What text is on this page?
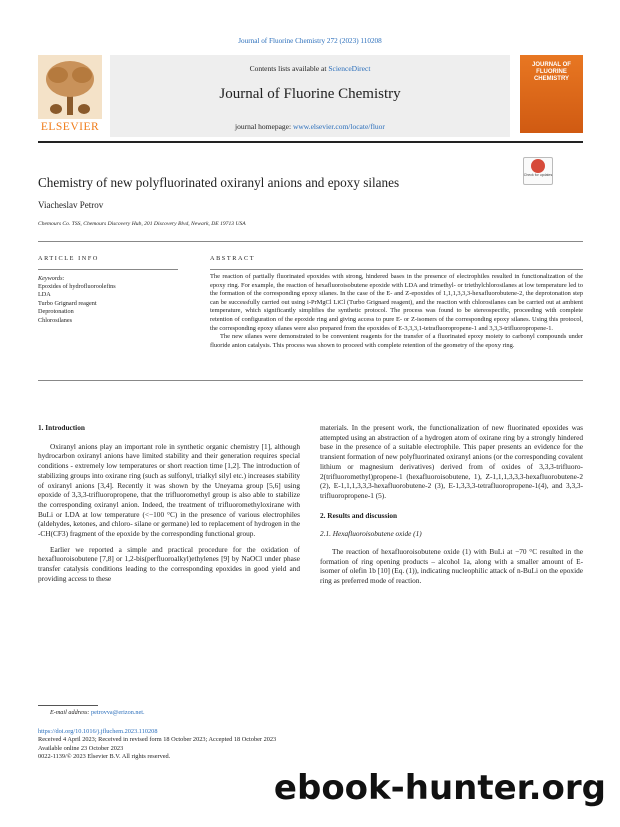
Journal of Fluorine Chemistry 272 (2023) 110208
Contents lists available at ScienceDirect
Journal of Fluorine Chemistry
journal homepage: www.elsevier.com/locate/fluor
ELSEVIER
JOURNAL OF FLUORINE CHEMISTRY
Check for updates
Chemistry of new polyfluorinated oxiranyl anions and epoxy silanes
Viacheslav Petrov
Chemours Co. TSS, Chemours Discovery Hub, 201 Discovery Blvd, Newark, DE 19713 USA
ARTICLE INFO	ABSTRACT
Keywords:
Epoxides of hydrofluoroolefins
LDA
Turbo Grignard reagent
Deprotonation
Chlorosilanes

The reaction of partially fluorinated epoxides with strong, hindered bases in the presence of electrophiles resulted in functionalization of the epoxy ring. For example, the reaction of hexafluoroisobutene epoxide with LDA and trimethyl- or triethylchlorosilanes at low temperature led to the formation of the corresponding epoxy silanes. In the case of the E- and Z-epoxides of 1,1,1,3,3,3-hexafluorobutene-2, the deprotonation step can be successfully carried out using i-PrMgCl LiCl (Turbo Grignard reagent), and the reaction with chlorosilanes can be carried out at ambient temperature, which significantly simplifies the synthetic protocol. The process was found to be stereospecific, proceeding with complete retention of configuration of the epoxide ring and giving access to pure E- or Z-isomers of the corresponding epoxy silanes. Using this protocol, the corresponding epoxy silanes were also prepared from the epoxides of E-3,3,3,1-tetrafluoropropene-1 and 3,3,3-trifluoropropene-1.

The new silanes were demonstrated to be convenient reagents for the transfer of a fluorinated epoxy moiety to carbonyl compounds under fluoride anion catalysis. This process was shown to proceed with complete retention of the geometry of the epoxy ring.

1. Introduction

Oxiranyl anions play an important role in synthetic organic chemistry [1], although hydrocarbon oxiranyl anions have limited stability and their generation requires special conditions - extremely low temperatures or short reaction time [1,2]. The introduction of stabilizing groups into oxirane ring (such as sulfonyl, trialkyl silyl etc.) increases stability of oxiranyl anions [3,4]. Recently it was shown by the Uneyama group [5,6] using epoxide of 3,3,3-trifluoropropene, that the trifluoromethyl group is also able to stabilize the corresponding oxiranyl anion. Indeed, the treatment of trifluoromethyloxirane with BuLi or LDA at low temperature (<−100 °C) in the presence of various electrophiles (aldehydes, ketones, and chloro- silane or germane) led to replacement of hydrogen in the -CH(CF3) fragment of the epoxide by the corresponding functional group.

Earlier we reported a simple and practical procedure for the oxidation of hexafluoroisobutene [7,8] or 1,2-bis(perfluoroalkyl)ethylenes [9] by NaOCl under phase transfer catalysis conditions leading to the corresponding epoxides in good yield and providing access to these

materials. In the present work, the functionalization of new fluorinated epoxides was attempted using an abstraction of a hydrogen atom of oxirane ring by a strongly hindered base in the presence of a suitable electrophile. This paper presents an evidence for the transient formation of new polyfluorinated oxiranyl anions (or the corresponding covalent lithium or magnesium derivatives) derived from of oxides of 3,3,3-trifluoro-2(trifluoromethyl)propene-1 (hexafluoroisobutene, 1), Z-1,1,1,3,3,3-hexafluorobutene-2 (2), E-1,1,1,3,3,3-hexafluorobutene-2 (3), E-1,3,3,3-tetrafluoropropene-1(4), and 3,3,3-trifluoropropene-1 (5).

2. Results and discussion
2.1. Hexafluoroisobutene oxide (1)

The reaction of hexafluoroisobutene oxide (1) with BuLi at −70 °C resulted in the formation of ring opening products – alcohol 1a, along with a smaller amount of E-isomer of olefin 1b [10] (Eq. (1)), indicating nucleophilic attack of n-BuLi on the epoxide ring as preferred mode of reaction.

E-mail address: petrovva@erizon.net.
https://doi.org/10.1016/j.jfluchem.2023.110208
Received 4 April 2023; Received in revised form 18 October 2023; Accepted 18 October 2023
Available online 23 October 2023
0022-1139/© 2023 Elsevier B.V. All rights reserved.
ebook-hunter.org
